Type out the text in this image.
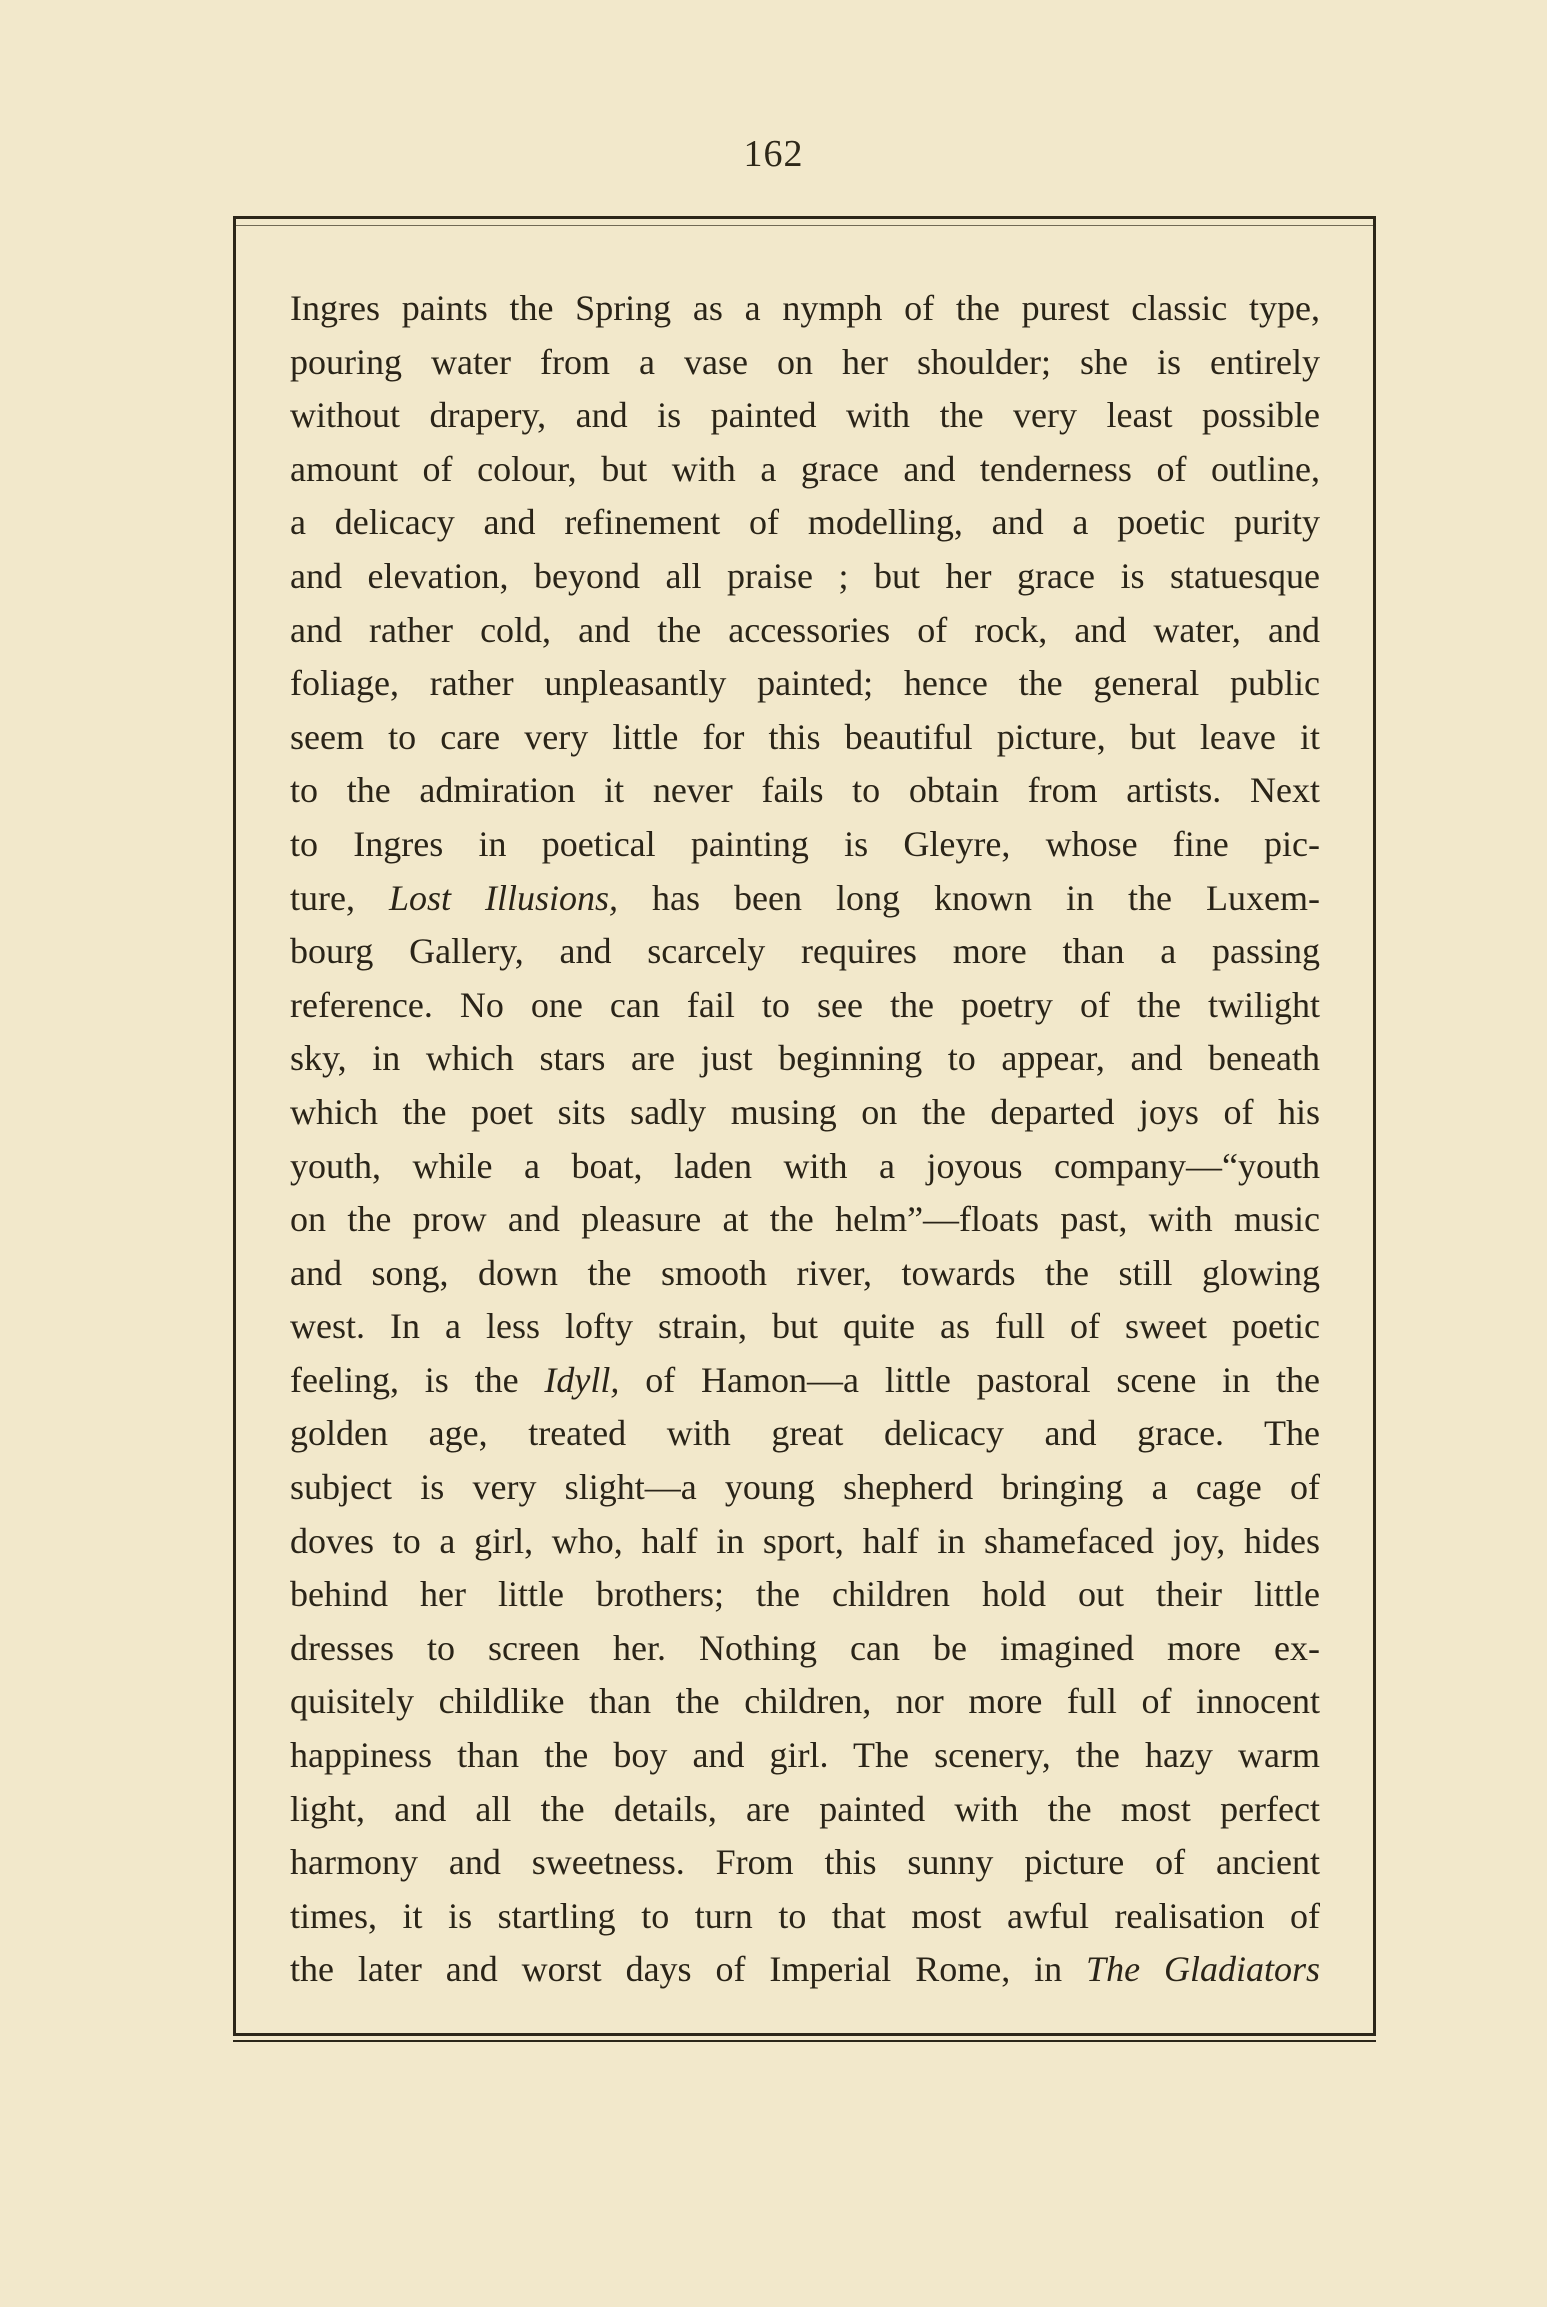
162
Ingres paints the Spring as a nymph of the purest classic type,
pouring water from a vase on her shoulder; she is entirely
without drapery, and is painted with the very least possible
amount of colour, but with a grace and tenderness of outline,
a delicacy and refinement of modelling, and a poetic purity
and elevation, beyond all praise ; but her grace is statuesque
and rather cold, and the accessories of rock, and water, and
foliage, rather unpleasantly painted; hence the general public
seem to care very little for this beautiful picture, but leave it
to the admiration it never fails to obtain from artists. Next
to Ingres in poetical painting is Gleyre, whose fine pic-
ture, Lost Illusions, has been long known in the Luxem-
bourg Gallery, and scarcely requires more than a passing
reference. No one can fail to see the poetry of the twilight
sky, in which stars are just beginning to appear, and beneath
which the poet sits sadly musing on the departed joys of his
youth, while a boat, laden with a joyous company—“youth
on the prow and pleasure at the helm”—floats past, with music
and song, down the smooth river, towards the still glowing
west. In a less lofty strain, but quite as full of sweet poetic
feeling, is the Idyll, of Hamon—a little pastoral scene in the
golden age, treated with great delicacy and grace. The
subject is very slight—a young shepherd bringing a cage of
doves to a girl, who, half in sport, half in shamefaced joy, hides
behind her little brothers; the children hold out their little
dresses to screen her. Nothing can be imagined more ex-
quisitely childlike than the children, nor more full of innocent
happiness than the boy and girl. The scenery, the hazy warm
light, and all the details, are painted with the most perfect
harmony and sweetness. From this sunny picture of ancient
times, it is startling to turn to that most awful realisation of
the later and worst days of Imperial Rome, in The Gladiators
